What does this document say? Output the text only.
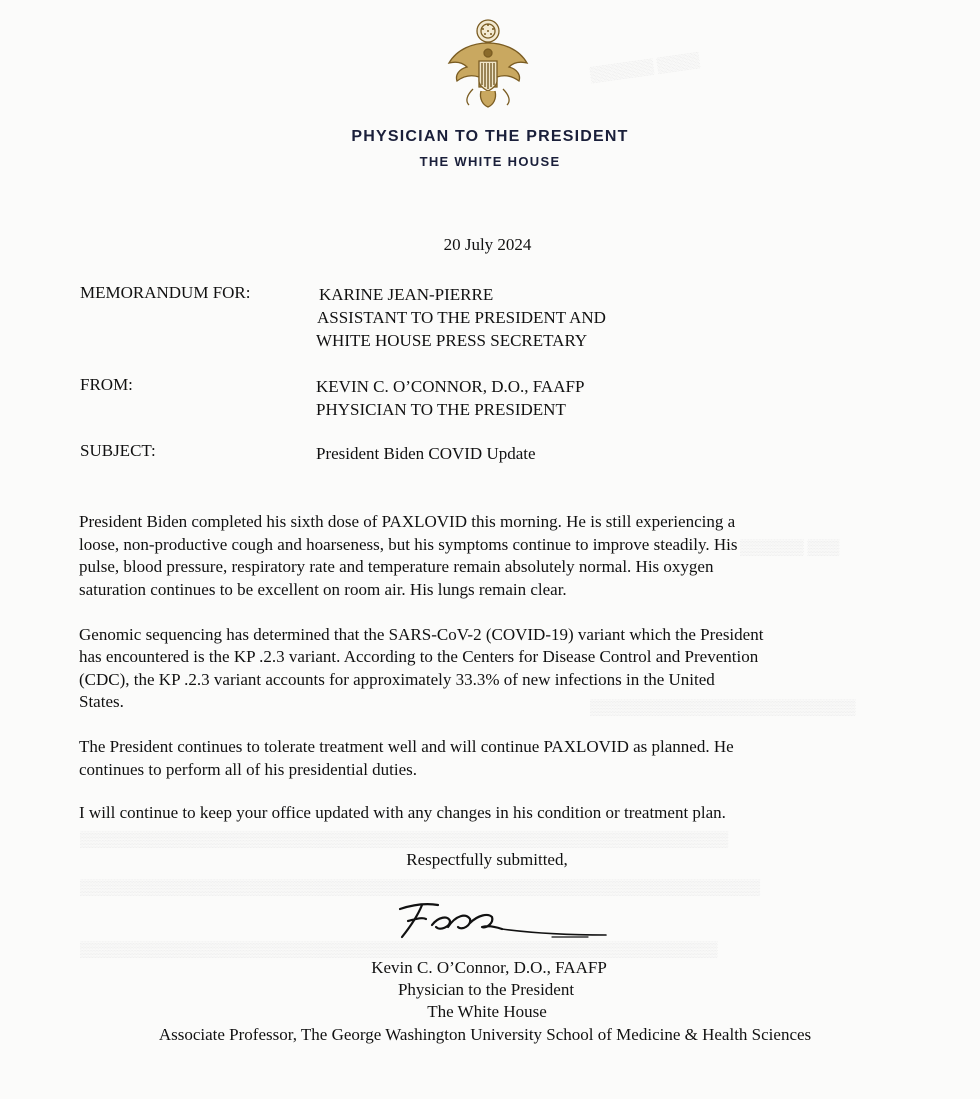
▒▒▒▒▒▒ ▒▒▒▒
▒▒▒▒▒▒ ▒▒▒
▒▒▒▒▒▒▒▒▒▒▒▒▒▒▒▒▒▒▒▒▒▒▒▒▒
▒▒▒▒▒▒▒▒▒▒▒▒▒▒▒▒▒▒▒▒▒▒▒▒▒▒▒▒▒▒▒▒▒▒▒▒▒▒▒▒▒▒▒▒▒▒▒▒▒▒▒▒▒▒▒▒▒▒▒▒▒
▒▒▒▒▒▒▒▒▒▒▒▒▒▒▒▒▒▒▒▒▒▒▒▒▒▒▒▒▒▒▒▒▒▒▒▒▒▒▒▒▒▒▒▒▒▒▒▒▒▒▒▒▒▒▒▒▒▒▒▒▒▒▒▒
▒▒▒▒▒▒▒▒▒▒▒▒▒▒▒▒▒▒▒▒▒▒▒▒▒▒▒▒▒▒▒▒▒▒▒▒▒▒▒▒▒▒▒▒▒▒▒▒▒▒▒▒▒▒▒▒▒▒▒▒
PHYSICIAN TO THE PRESIDENT
THE WHITE HOUSE
20 July 2024
MEMORANDUM FOR:	KARINE JEAN-PIERRE
ASSISTANT TO THE PRESIDENT AND
WHITE HOUSE PRESS SECRETARY
FROM:	KEVIN C. O’CONNOR, D.O., FAAFP
PHYSICIAN TO THE PRESIDENT
SUBJECT:	President Biden COVID Update
President Biden completed his sixth dose of PAXLOVID this morning. He is still experiencing a
loose, non-productive cough and hoarseness, but his symptoms continue to improve steadily. His
pulse, blood pressure, respiratory rate and temperature remain absolutely normal. His oxygen
saturation continues to be excellent on room air. His lungs remain clear.
Genomic sequencing has determined that the SARS-CoV-2 (COVID-19) variant which the President
has encountered is the KP .2.3 variant. According to the Centers for Disease Control and Prevention
(CDC), the KP .2.3 variant accounts for approximately 33.3% of new infections in the United
States.
The President continues to tolerate treatment well and will continue PAXLOVID as planned. He
continues to perform all of his presidential duties.
I will continue to keep your office updated with any changes in his condition or treatment plan.
Respectfully submitted,
Kevin C. O’Connor, D.O., FAAFP
Physician to the President
The White House
Associate Professor, The George Washington University School of Medicine & Health Sciences
